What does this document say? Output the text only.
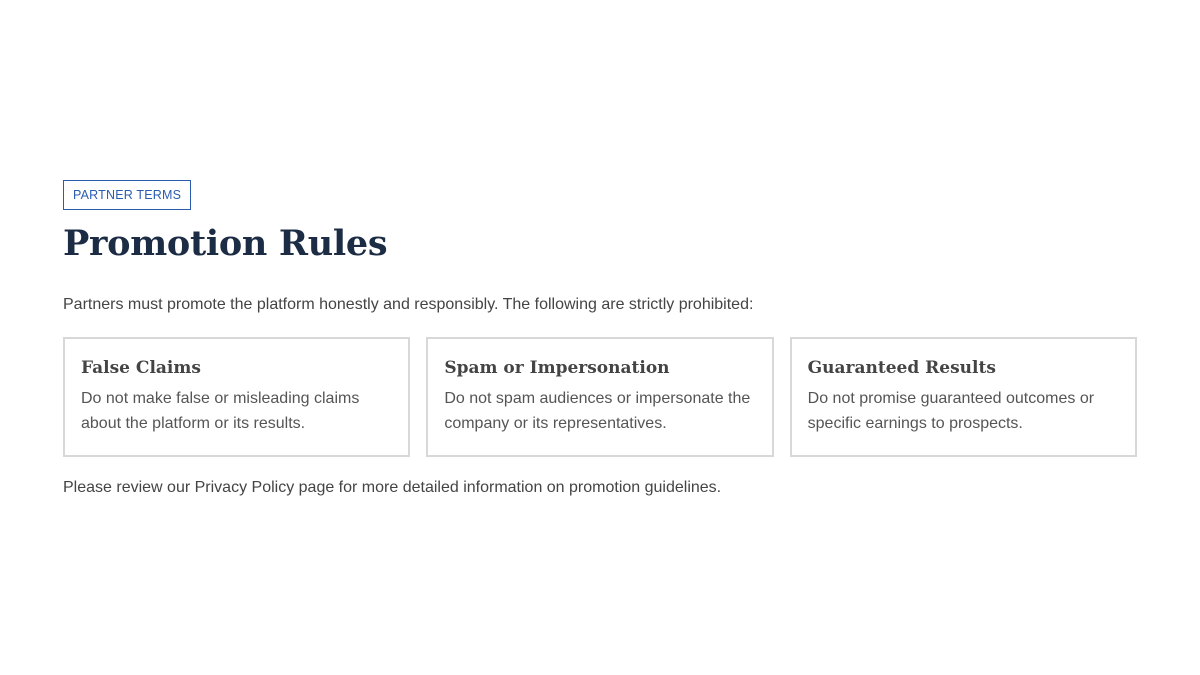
PARTNER TERMS
Promotion Rules

Partners must promote the platform honestly and responsibly. The following are strictly prohibited:

False Claims
Do not make false or misleading claims about the platform or its results.
Spam or Impersonation
Do not spam audiences or impersonate the company or its representatives.
Guaranteed Results
Do not promise guaranteed outcomes or specific earnings to prospects.

Please review our Privacy Policy page for more detailed information on promotion guidelines.
